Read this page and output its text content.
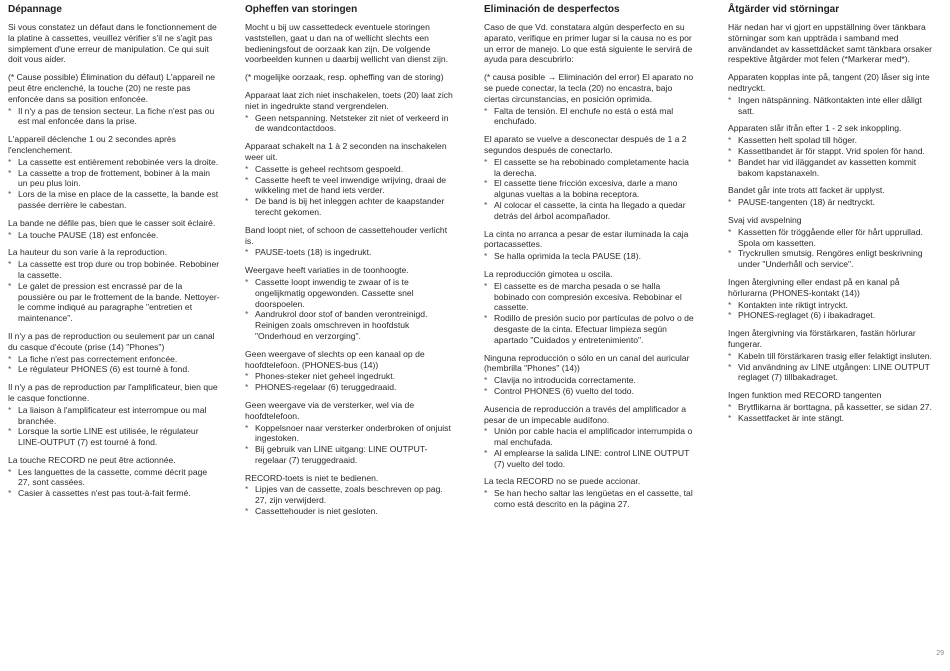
Dépannage
Si vous constatez un défaut dans le fonctionnement de la platine à cassettes, veuillez vérifier s'il ne s'agit pas simplement d'une erreur de manipulation. Ce qui suit doit vous aider.
(* Cause possible) Élimination du défaut) L'appareil ne peut être enclenché, la touche (20) ne reste pas enfoncée dans sa position enfoncée.
* Il n'y a pas de tension secteur. La fiche n'est pas ou est mal enfoncée dans la prise.
L'appareil déclenche 1 ou 2 secondes après l'enclenchement.
* La cassette est entièrement rebobinée vers la droite.
* La cassette a trop de frottement, bobiner à la main un peu plus loin.
* Lors de la mise en place de la cassette, la bande est passée derrière le cabestan.
La bande ne défile pas, bien que le casser soit éclairé.
* La touche PAUSE (18) est enfoncée.
La hauteur du son varie à la reproduction.
* La cassette est trop dure ou trop bobinée. Rebobiner la cassette.
* Le galet de pression est encrassé par de la poussière ou par le frottement de la bande. Nettoyer-le comme indiqué au paragraphe "entretien et maintenance".
Il n'y a pas de reproduction ou seulement par un canal du casque d'écoute (prise (14) "Phones")
* La fiche n'est pas correctement enfoncée.
* Le régulateur PHONES (6) est tourné à fond.
Il n'y a pas de reproduction par l'amplificateur, bien que le casque fonctionne.
* La liaison à l'amplificateur est interrompue ou mal branchée.
* Lorsque la sortie LINE est utilisée, le régulateur LINE-OUTPUT (7) est tourné à fond.
La touche RECORD ne peut être actionnée.
* Les languettes de la cassette, comme décrit page 27, sont cassées.
* Casier à cassettes n'est pas tout-à-fait fermé.
Opheffen van storingen
Mocht u bij uw cassettedeck eventuele storingen vaststellen, gaat u dan na of wellicht slechts een bedieningsfout de oorzaak kan zijn. De volgende voorbeelden kunnen u daarbij wellicht van dienst zijn.
(* mogelijke oorzaak, resp. opheffing van de storing)
Apparaat laat zich niet inschakelen, toets (20) laat zich niet in ingedrukte stand vergrendelen.
* Geen netspanning. Netsteker zit niet of verkeerd in de wandcontactdoos.
Apparaat schakelt na 1 à 2 seconden na inschakelen weer uit.
* Cassette is geheel rechtsom gespoeld.
* Cassette heeft te veel inwendige wrijving, draai de wikkeling met de hand iets verder.
* De band is bij het inleggen achter de kaapstander terecht gekomen.
Band loopt niet, of schoon de cassettehouder verlicht is.
* PAUSE-toets (18) is ingedrukt.
Weergave heeft variaties in de toonhoogte.
* Cassette loopt inwendig te zwaar of is te ongelijkmatig opgewonden. Cassette snel doorspoelen.
* Aandrukrol door stof of banden verontreinigd. Reinigen zoals omschreven in hoofdstuk "Onderhoud en verzorging".
Geen weergave of slechts op een kanaal op de hoofdtelefoon. (PHONES-bus (14))
* Phones-steker niet geheel ingedrukt.
* PHONES-regelaar (6) teruggedraaid.
Geen weergave via de versterker, wel via de hoofdtelefoon.
* Koppelsnoer naar versterker onderbroken of onjuist ingestoken.
* Bij gebruik van LINE uitgang: LINE OUTPUT-regelaar (7) teruggedraaid.
RECORD-toets is niet te bedienen.
* Lipjes van de cassette, zoals beschreven op pag. 27, zijn verwijderd.
* Cassettehouder is niet gesloten.
Eliminación de desperfectos
Caso de que Vd. constatara algún desperfecto en su aparato, verifique en primer lugar si la causa no es por un error de manejo. Lo que está siguiente le servirá de ayuda para descubrirlo:
(* causa posible → Eliminación del error) El aparato no se puede conectar, la tecla (20) no encastra, bajo ciertas circunstancias, en posición oprimida.
* Falta de tensión. El enchufe no está o está mal enchufado.
El aparato se vuelve a desconectar después de 1 a 2 segundos después de conectarlo.
* El cassette se ha rebobinado completamente hacia la derecha.
* El cassette tiene fricción excesiva, darle a mano algunas vueltas a la bobina receptora.
* Al colocar el cassette, la cinta ha llegado a quedar detrás del árbol acompañador.
La cinta no arranca a pesar de estar iluminada la caja portacassettes.
* Se halla oprimida la tecla PAUSE (18).
La reproducción gimotea u oscila.
* El cassette es de marcha pesada o se halla bobinado con compresión excesiva. Rebobinar el cassette.
* Rodillo de presión sucio por partículas de polvo o de desgaste de la cinta. Efectuar limpieza según apartado "Cuidados y entretenimiento".
Ninguna reproducción o sólo en un canal del auricular (hembrilla "Phones" (14))
* Clavija no introducida correctamente.
* Control PHONES (6) vuelto del todo.
Ausencia de reproducción a través del amplificador a pesar de un impecable audífono.
* Unión por cable hacia el amplificador interrumpida o mal enchufada.
* Al emplearse la salida LINE: control LINE OUTPUT (7) vuelto del todo.
La tecla RECORD no se puede accionar.
* Se han hecho saltar las lengüetas en el cassette, tal como está descrito en la página 27.
Åtgärder vid störningar
Här nedan har vi gjort en uppställning över tänkbara störningar som kan uppträda i samband med användandet av kassettdäcket samt tänkbara orsaker respektive åtgärder mot felen (*Markerar med*).
Apparaten kopplas inte på, tangent (20) låser sig inte nedtryckt.
* Ingen nätspänning. Nätkontakten inte eller dåligt satt.
Apparaten slår ifrån efter 1 - 2 sek inkoppling.
* Kassetten helt spolad till höger.
* Kassettbandet är för stappt. Vrid spolen för hand.
* Bandet har vid iläggandet av kassetten kommit bakom kapstanaxeln.
Bandet går inte trots att facket är upplyst.
* PAUSE-tangenten (18) är nedtryckt.
Svaj vid avspelning
* Kassetten för tröggående eller för hårt upprullad. Spola om kassetten.
* Tryckrullen smutsig. Rengöres enligt beskrivning under "Underhåll och service".
Ingen återgivning eller endast på en kanal på hörlurarna (PHONES-kontakt (14))
* Kontakten inte riktigt intryckt.
* PHONES-reglaget (6) i ibakadraget.
Ingen återgivning via förstärkaren, fastän hörlurar fungerar.
* Kabeln till förstärkaren trasig eller felaktigt insluten.
* Vid användning av LINE utgången: LINE OUTPUT reglaget (7) tillbakadraget.
Ingen funktion med RECORD tangenten
* Brytflikarna är borttagna, på kassetter, se sidan 27.
* Kassettfacket är inte stängt.
29
